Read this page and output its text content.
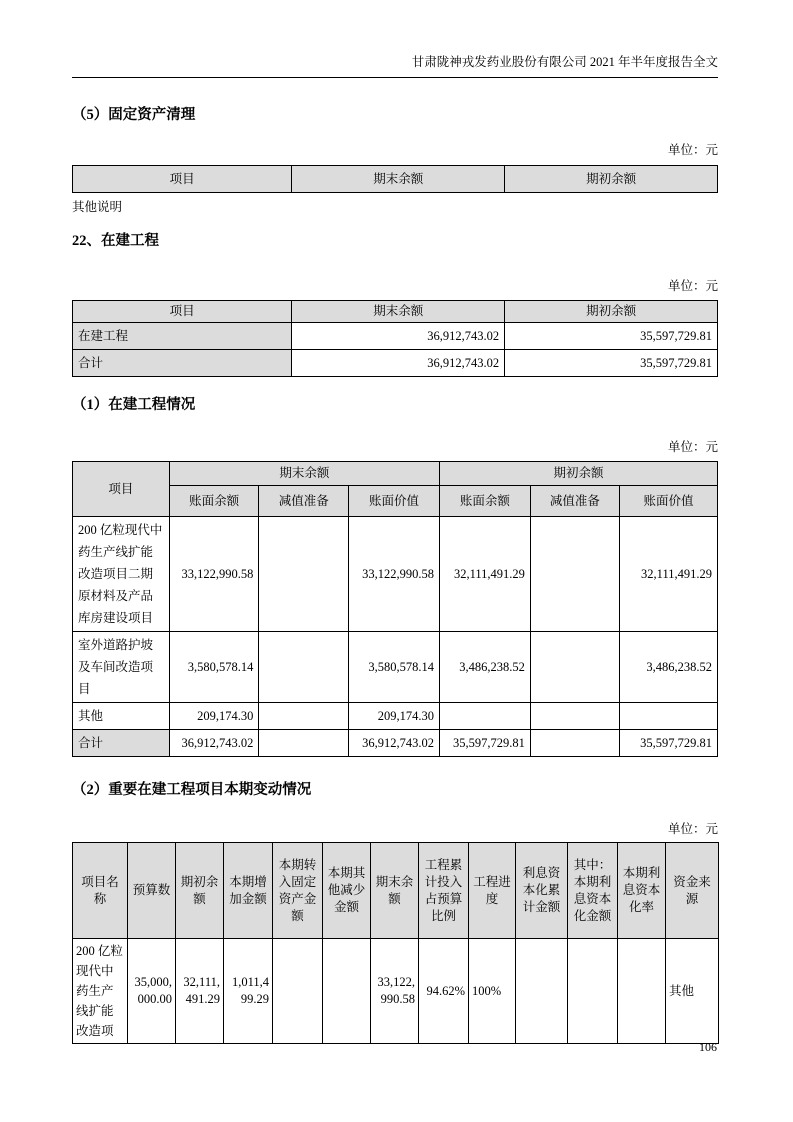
甘肃陇神戎发药业股份有限公司 2021 年半年度报告全文
（5）固定资产清理
单位：元
项目	期末余额	期初余额
其他说明
22、在建工程
单位：元
项目	期末余额	期初余额
在建工程	36,912,743.02	35,597,729.81
合计	36,912,743.02	35,597,729.81
（1）在建工程情况
单位：元
项目	期末余额			期初余额		
	账面余额	减值准备	账面价值	账面余额	减值准备	账面价值
200 亿粒现代中药生产线扩能改造项目二期原材料及产品库房建设项目	33,122,990.58		33,122,990.58	32,111,491.29		32,111,491.29
室外道路护坡及车间改造项目	3,580,578.14		3,580,578.14	3,486,238.52		3,486,238.52
其他	209,174.30		209,174.30			
合计	36,912,743.02		36,912,743.02	35,597,729.81		35,597,729.81
（2）重要在建工程项目本期变动情况
单位：元
项目名称	预算数	期初余额	本期增加金额	本期转入固定资产金额	本期其他减少金额	期末余额	工程累计投入占预算比例	工程进度	利息资本化累计金额	其中：本期利息资本化金额	本期利息资本化率	资金来源
200 亿粒现代中药生产线扩能改造项	35,000,000.00	32,111,491.29	1,011,499.29			33,122,990.58	94.62%	100%				其他
106
